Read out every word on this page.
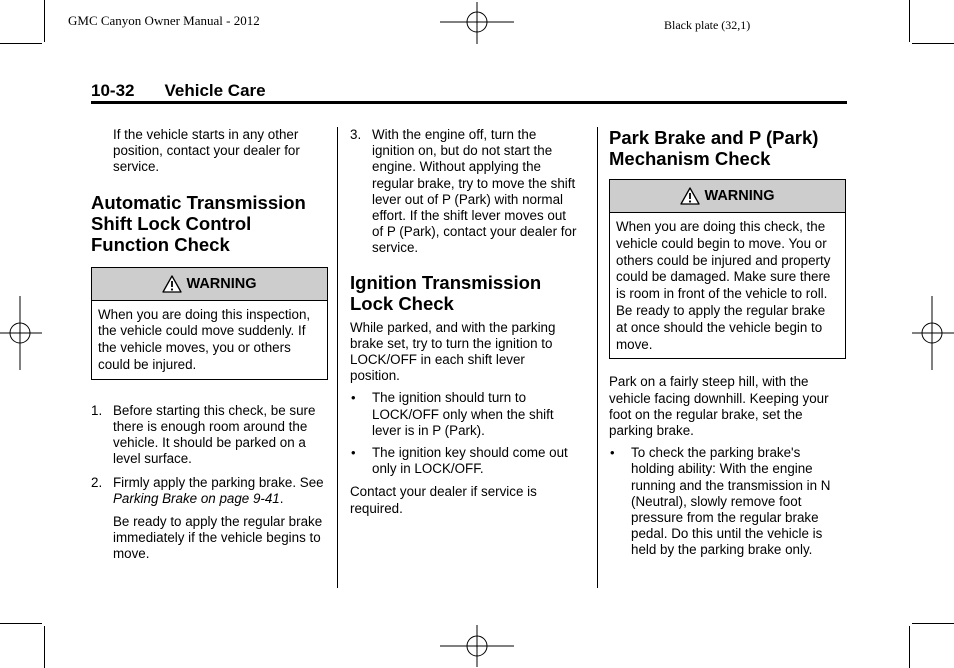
GMC Canyon Owner Manual - 2012	Black plate (32,1)
10-32 Vehicle Care

If the vehicle starts in any other position, contact your dealer for service.

Automatic Transmission Shift Lock Control Function Check
WARNING
When you are doing this inspection, the vehicle could move suddenly. If the vehicle moves, you or others could be injured.
1. Before starting this check, be sure there is enough room around the vehicle. It should be parked on a level surface.
2. Firmly apply the parking brake. See Parking Brake on page 9-41.

Be ready to apply the regular brake immediately if the vehicle begins to move.

3. With the engine off, turn the ignition on, but do not start the engine. Without applying the regular brake, try to move the shift lever out of P (Park) with normal effort. If the shift lever moves out of P (Park), contact your dealer for service.
Ignition Transmission Lock Check

While parked, and with the parking brake set, try to turn the ignition to LOCK/OFF in each shift lever position.

• The ignition should turn to LOCK/OFF only when the shift lever is in P (Park).
• The ignition key should come out only in LOCK/OFF.

Contact your dealer if service is required.

Park Brake and P (Park) Mechanism Check
WARNING
When you are doing this check, the vehicle could begin to move. You or others could be injured and property could be damaged. Make sure there is room in front of the vehicle to roll. Be ready to apply the regular brake at once should the vehicle begin to move.

Park on a fairly steep hill, with the vehicle facing downhill. Keeping your foot on the regular brake, set the parking brake.

• To check the parking brake's holding ability: With the engine running and the transmission in N (Neutral), slowly remove foot pressure from the regular brake pedal. Do this until the vehicle is held by the parking brake only.
